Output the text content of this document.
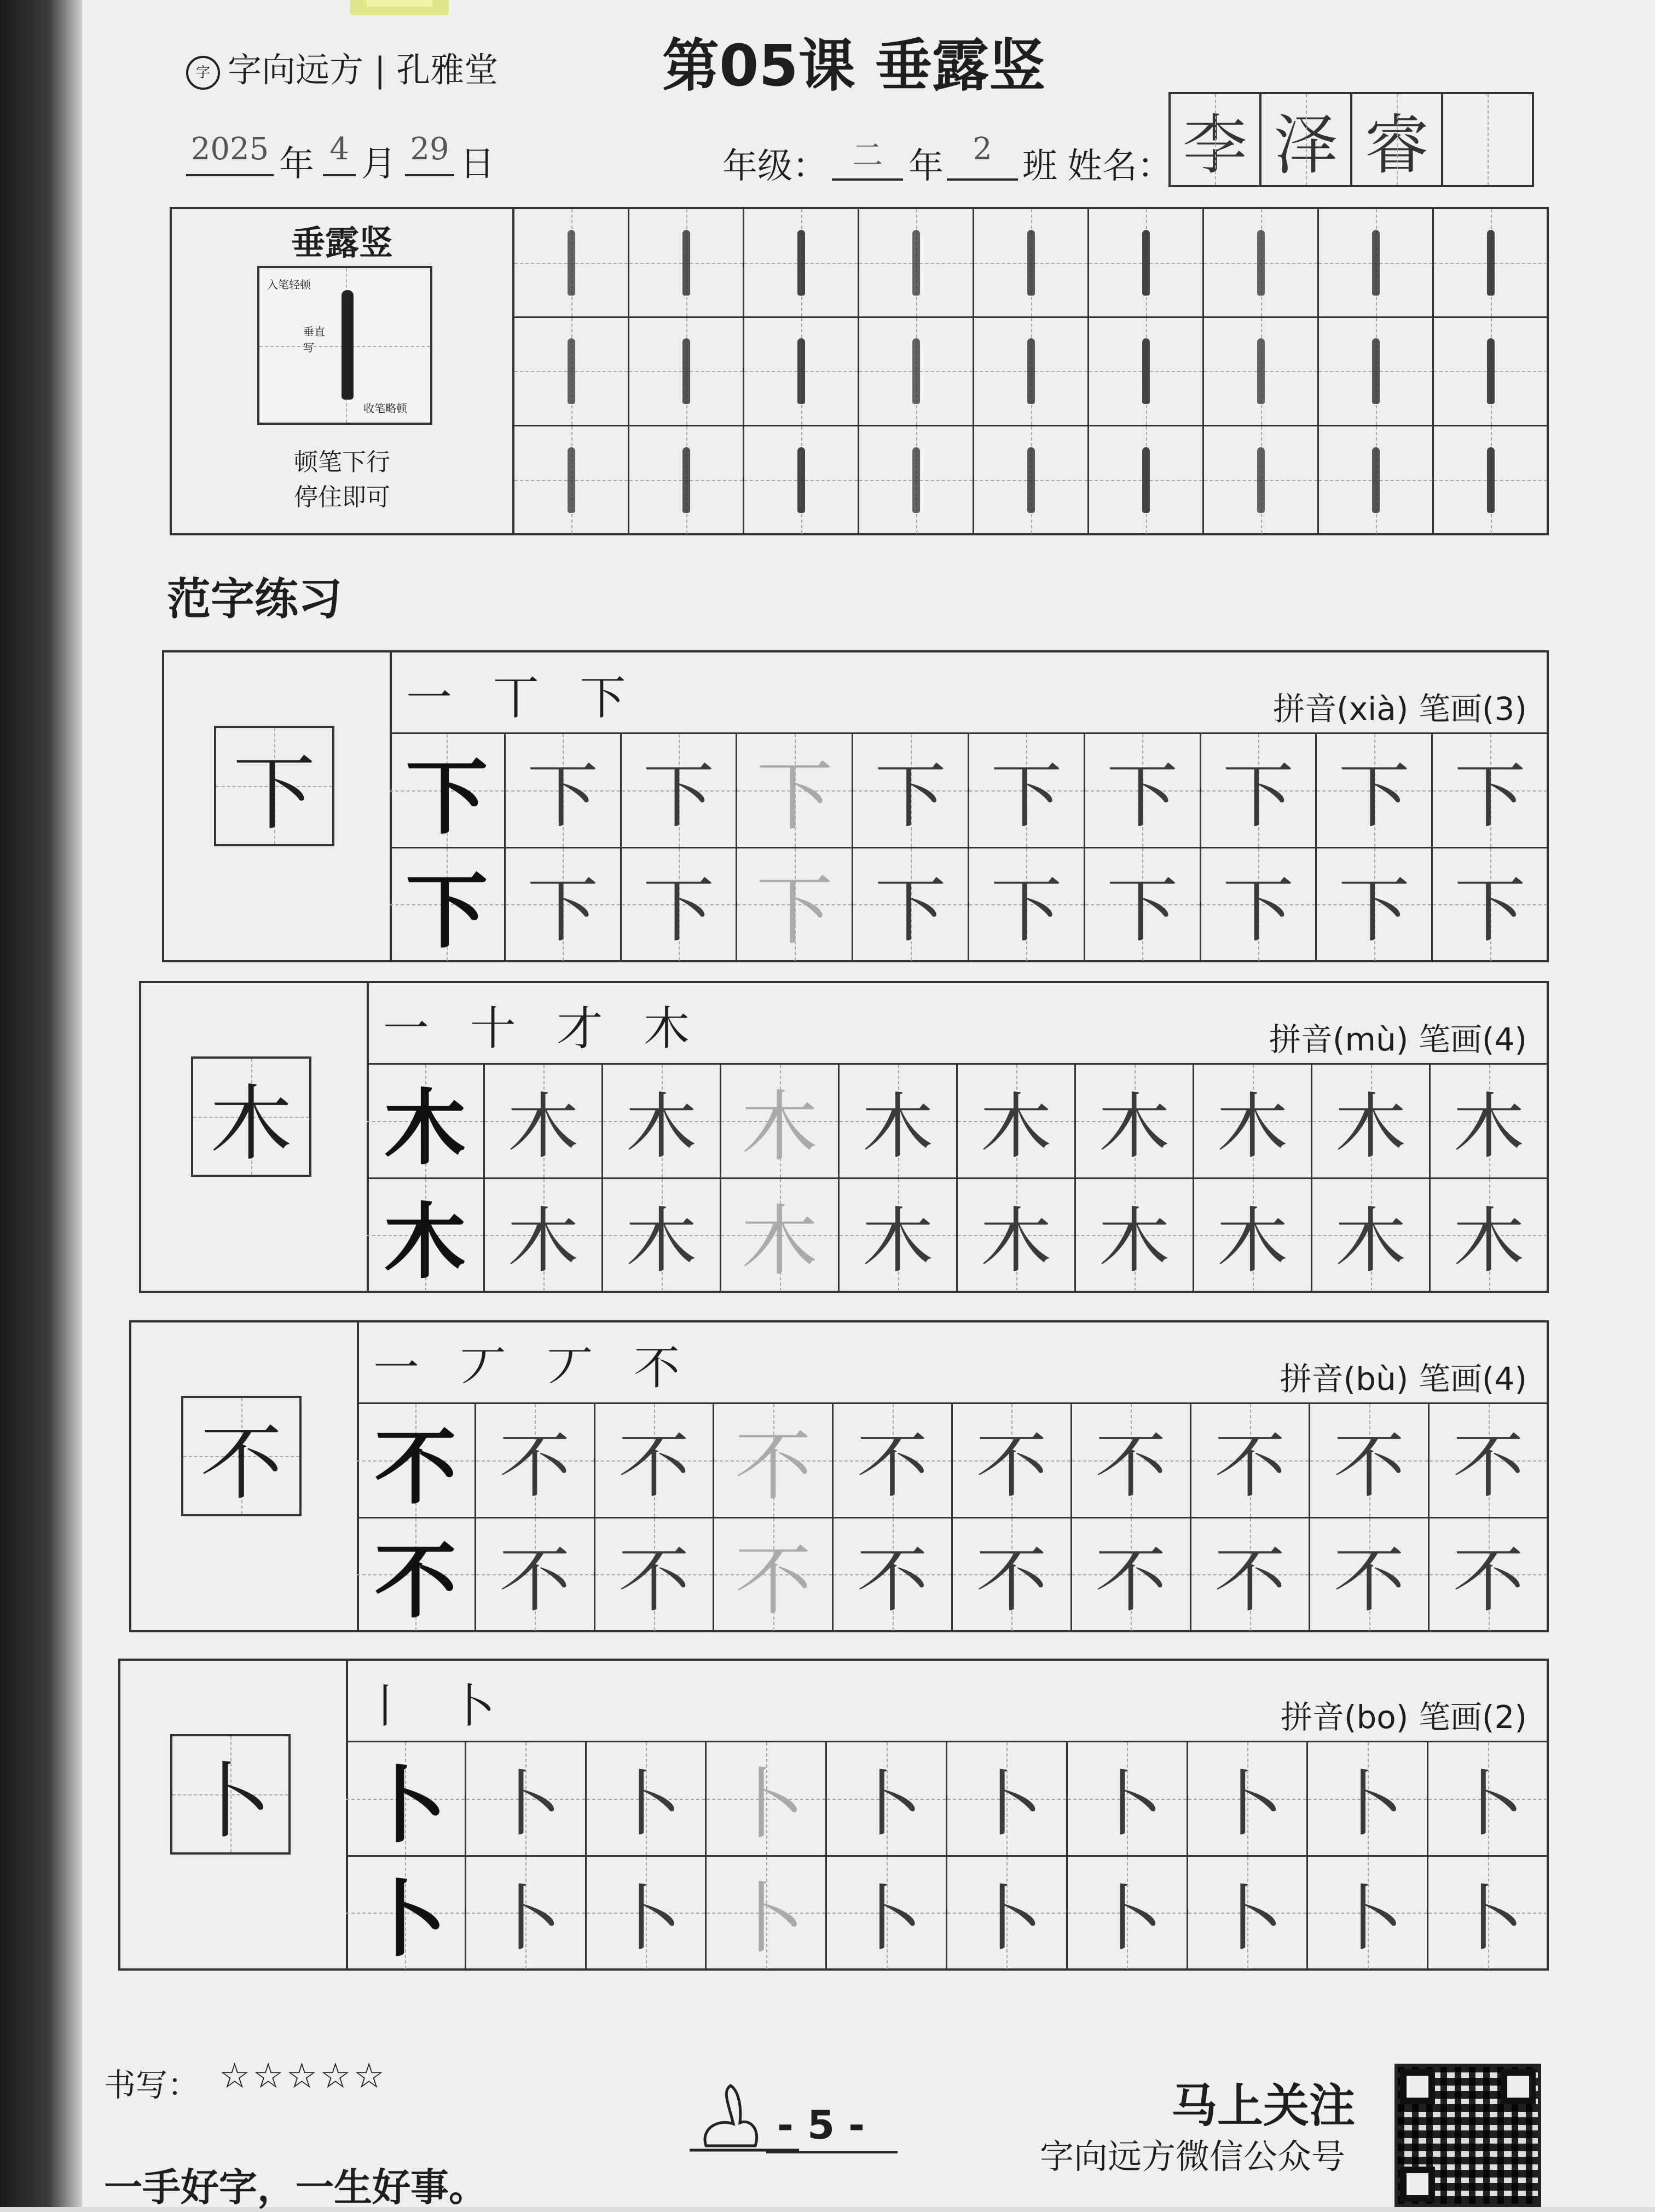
字 字向远方 | 孔雅堂	第05课 垂露竖
2025 年 4 月 29 日	年级： 二 年 2 班 姓名： 李 泽 睿
垂露竖
入笔轻顿
垂直写
收笔略顿
顿笔下行
停住即可
范字练习
下
一 丅 下	拼音(xià) 笔画(3)
下 下 下 下 下 下 下 下 下 下
下 下 下 下 下 下 下 下 下 下
木
一 十 才 木	拼音(mù) 笔画(4)
木 木 木 木 木 木 木 木 木 木
木 木 木 木 木 木 木 木 木 木
不
一 丆 丆 不	拼音(bù) 笔画(4)
不 不 不 不 不 不 不 不 不 不
不 不 不 不 不 不 不 不 不 不
卜
丨 卜	拼音(bo) 笔画(2)
卜 卜 卜 卜 卜 卜 卜 卜 卜 卜
卜 卜 卜 卜 卜 卜 卜 卜 卜 卜
书写： ☆☆☆☆☆
一手好字，一生好事。
- 5 -	马上关注
字向远方微信公众号
